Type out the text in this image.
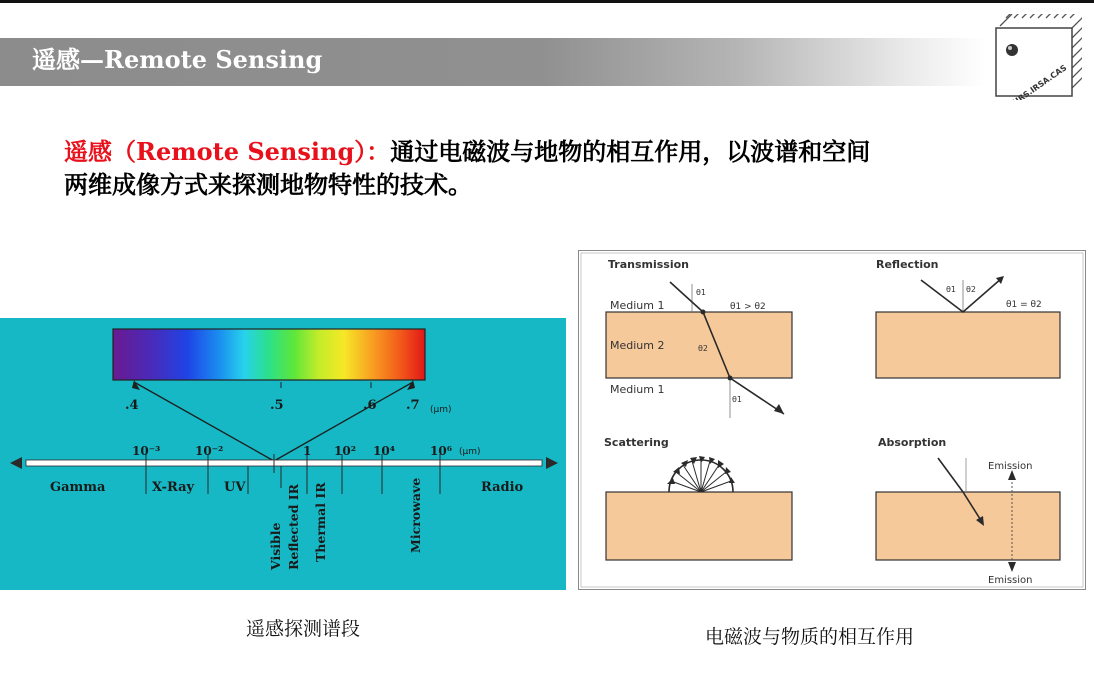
遥感—Remote Sensing
HRS.IRSA.CAS
遥感（Remote Sensing）：通过电磁波与地物的相互作用，以波谱和空间
两维成像方式来探测地物特性的技术。
.4	.5	.6 .7 (μm)
10⁻³	10⁻²	1 10² 10⁴	10⁶ (μm)
Gamma	X-Ray UV	Radio
Visible Reflected IR Thermal IR	Microwave
Transmission	Reflection
Scattering	Absorption
Medium 1
Medium 2
Medium 1
θ1
θ2
θ1
θ1 > θ2
θ1 θ2
θ1 = θ2
Emission
Emission
遥感探测谱段	电磁波与物质的相互作用
